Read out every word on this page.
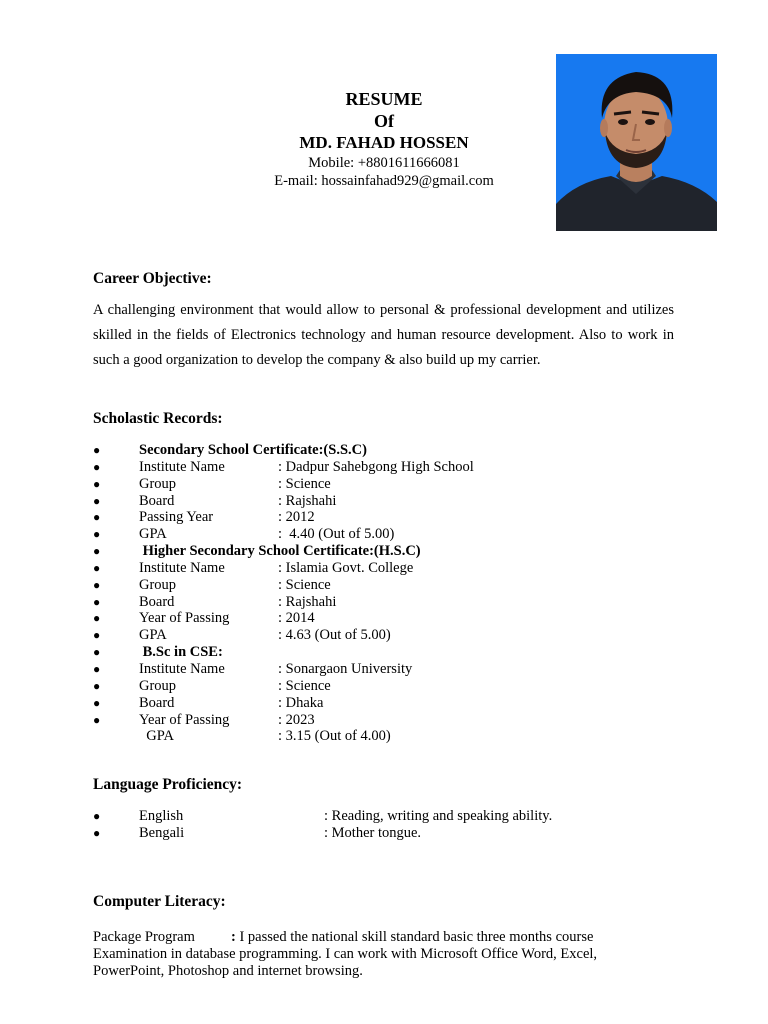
RESUME
Of
MD. FAHAD HOSSEN
Mobile: +8801611666081
E-mail: hossainfahad929@gmail.com
Career Objective:
A challenging environment that would allow to personal & professional development and utilizes skilled in the fields of Electronics technology and human resource development. Also to work in such a good organization to develop the company & also build up my carrier.
Scholastic Records:
●	Secondary School Certificate:(S.S.C)
●	Institute Name	: Dadpur Sahebgong High School
●	Group	: Science
●	Board	: Rajshahi
●	Passing Year	: 2012
●	GPA	:  4.40 (Out of 5.00)
●	Higher Secondary School Certificate:(H.S.C)
●	Institute Name	: Islamia Govt. College
●	Group	: Science
●	Board	: Rajshahi
●	Year of Passing	: 2014
●	GPA	: 4.63 (Out of 5.00)
●	B.Sc in CSE:
●	Institute Name	: Sonargaon University
●	Group	: Science
●	Board	: Dhaka
●	Year of Passing	: 2023
GPA	: 3.15 (Out of 4.00)
Language Proficiency:
●	English	: Reading, writing and speaking ability.
●	Bengali	: Mother tongue.
Computer Literacy:
Package Program : I passed the national skill standard basic three months course Examination in database programming. I can work with Microsoft Office Word, Excel, PowerPoint, Photoshop and internet browsing.
